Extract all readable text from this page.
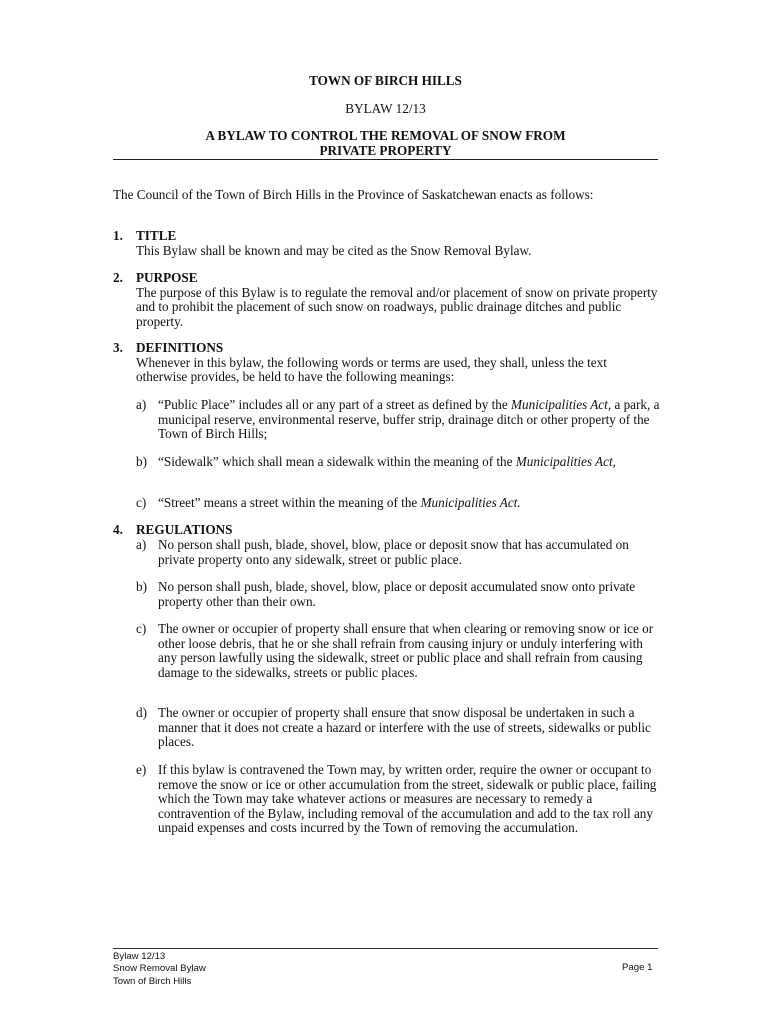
TOWN OF BIRCH HILLS
BYLAW 12/13
A BYLAW TO CONTROL THE REMOVAL OF SNOW FROM
PRIVATE PROPERTY

The Council of the Town of Birch Hills in the Province of Saskatchewan enacts as follows:

1. TITLE
This Bylaw shall be known and may be cited as the Snow Removal Bylaw.
2. PURPOSE
The purpose of this Bylaw is to regulate the removal and/or placement of snow on private property and to prohibit the placement of such snow on roadways, public drainage ditches and public property.
3. DEFINITIONS
Whenever in this bylaw, the following words or terms are used, they shall, unless the text otherwise provides, be held to have the following meanings:
a) “Public Place” includes all or any part of a street as defined by the Municipalities Act, a park, a municipal reserve, environmental reserve, buffer strip, drainage ditch or other property of the Town of Birch Hills;
b) “Sidewalk” which shall mean a sidewalk within the meaning of the Municipalities Act,
c) “Street” means a street within the meaning of the Municipalities Act.
4. REGULATIONS
a) No person shall push, blade, shovel, blow, place or deposit snow that has accumulated on private property onto any sidewalk, street or public place.
b) No person shall push, blade, shovel, blow, place or deposit accumulated snow onto private property other than their own.
c) The owner or occupier of property shall ensure that when clearing or removing snow or ice or other loose debris, that he or she shall refrain from causing injury or unduly interfering with any person lawfully using the sidewalk, street or public place and shall refrain from causing damage to the sidewalks, streets or public places.
d) The owner or occupier of property shall ensure that snow disposal be undertaken in such a manner that it does not create a hazard or interfere with the use of streets, sidewalks or public places.
e) If this bylaw is contravened the Town may, by written order, require the owner or occupant to remove the snow or ice or other accumulation from the street, sidewalk or public place, failing which the Town may take whatever actions or measures are necessary to remedy a contravention of the Bylaw, including removal of the accumulation and add to the tax roll any unpaid expenses and costs incurred by the Town of removing the accumulation.
Bylaw 12/13
Snow Removal Bylaw
Town of Birch Hills
Page 1
